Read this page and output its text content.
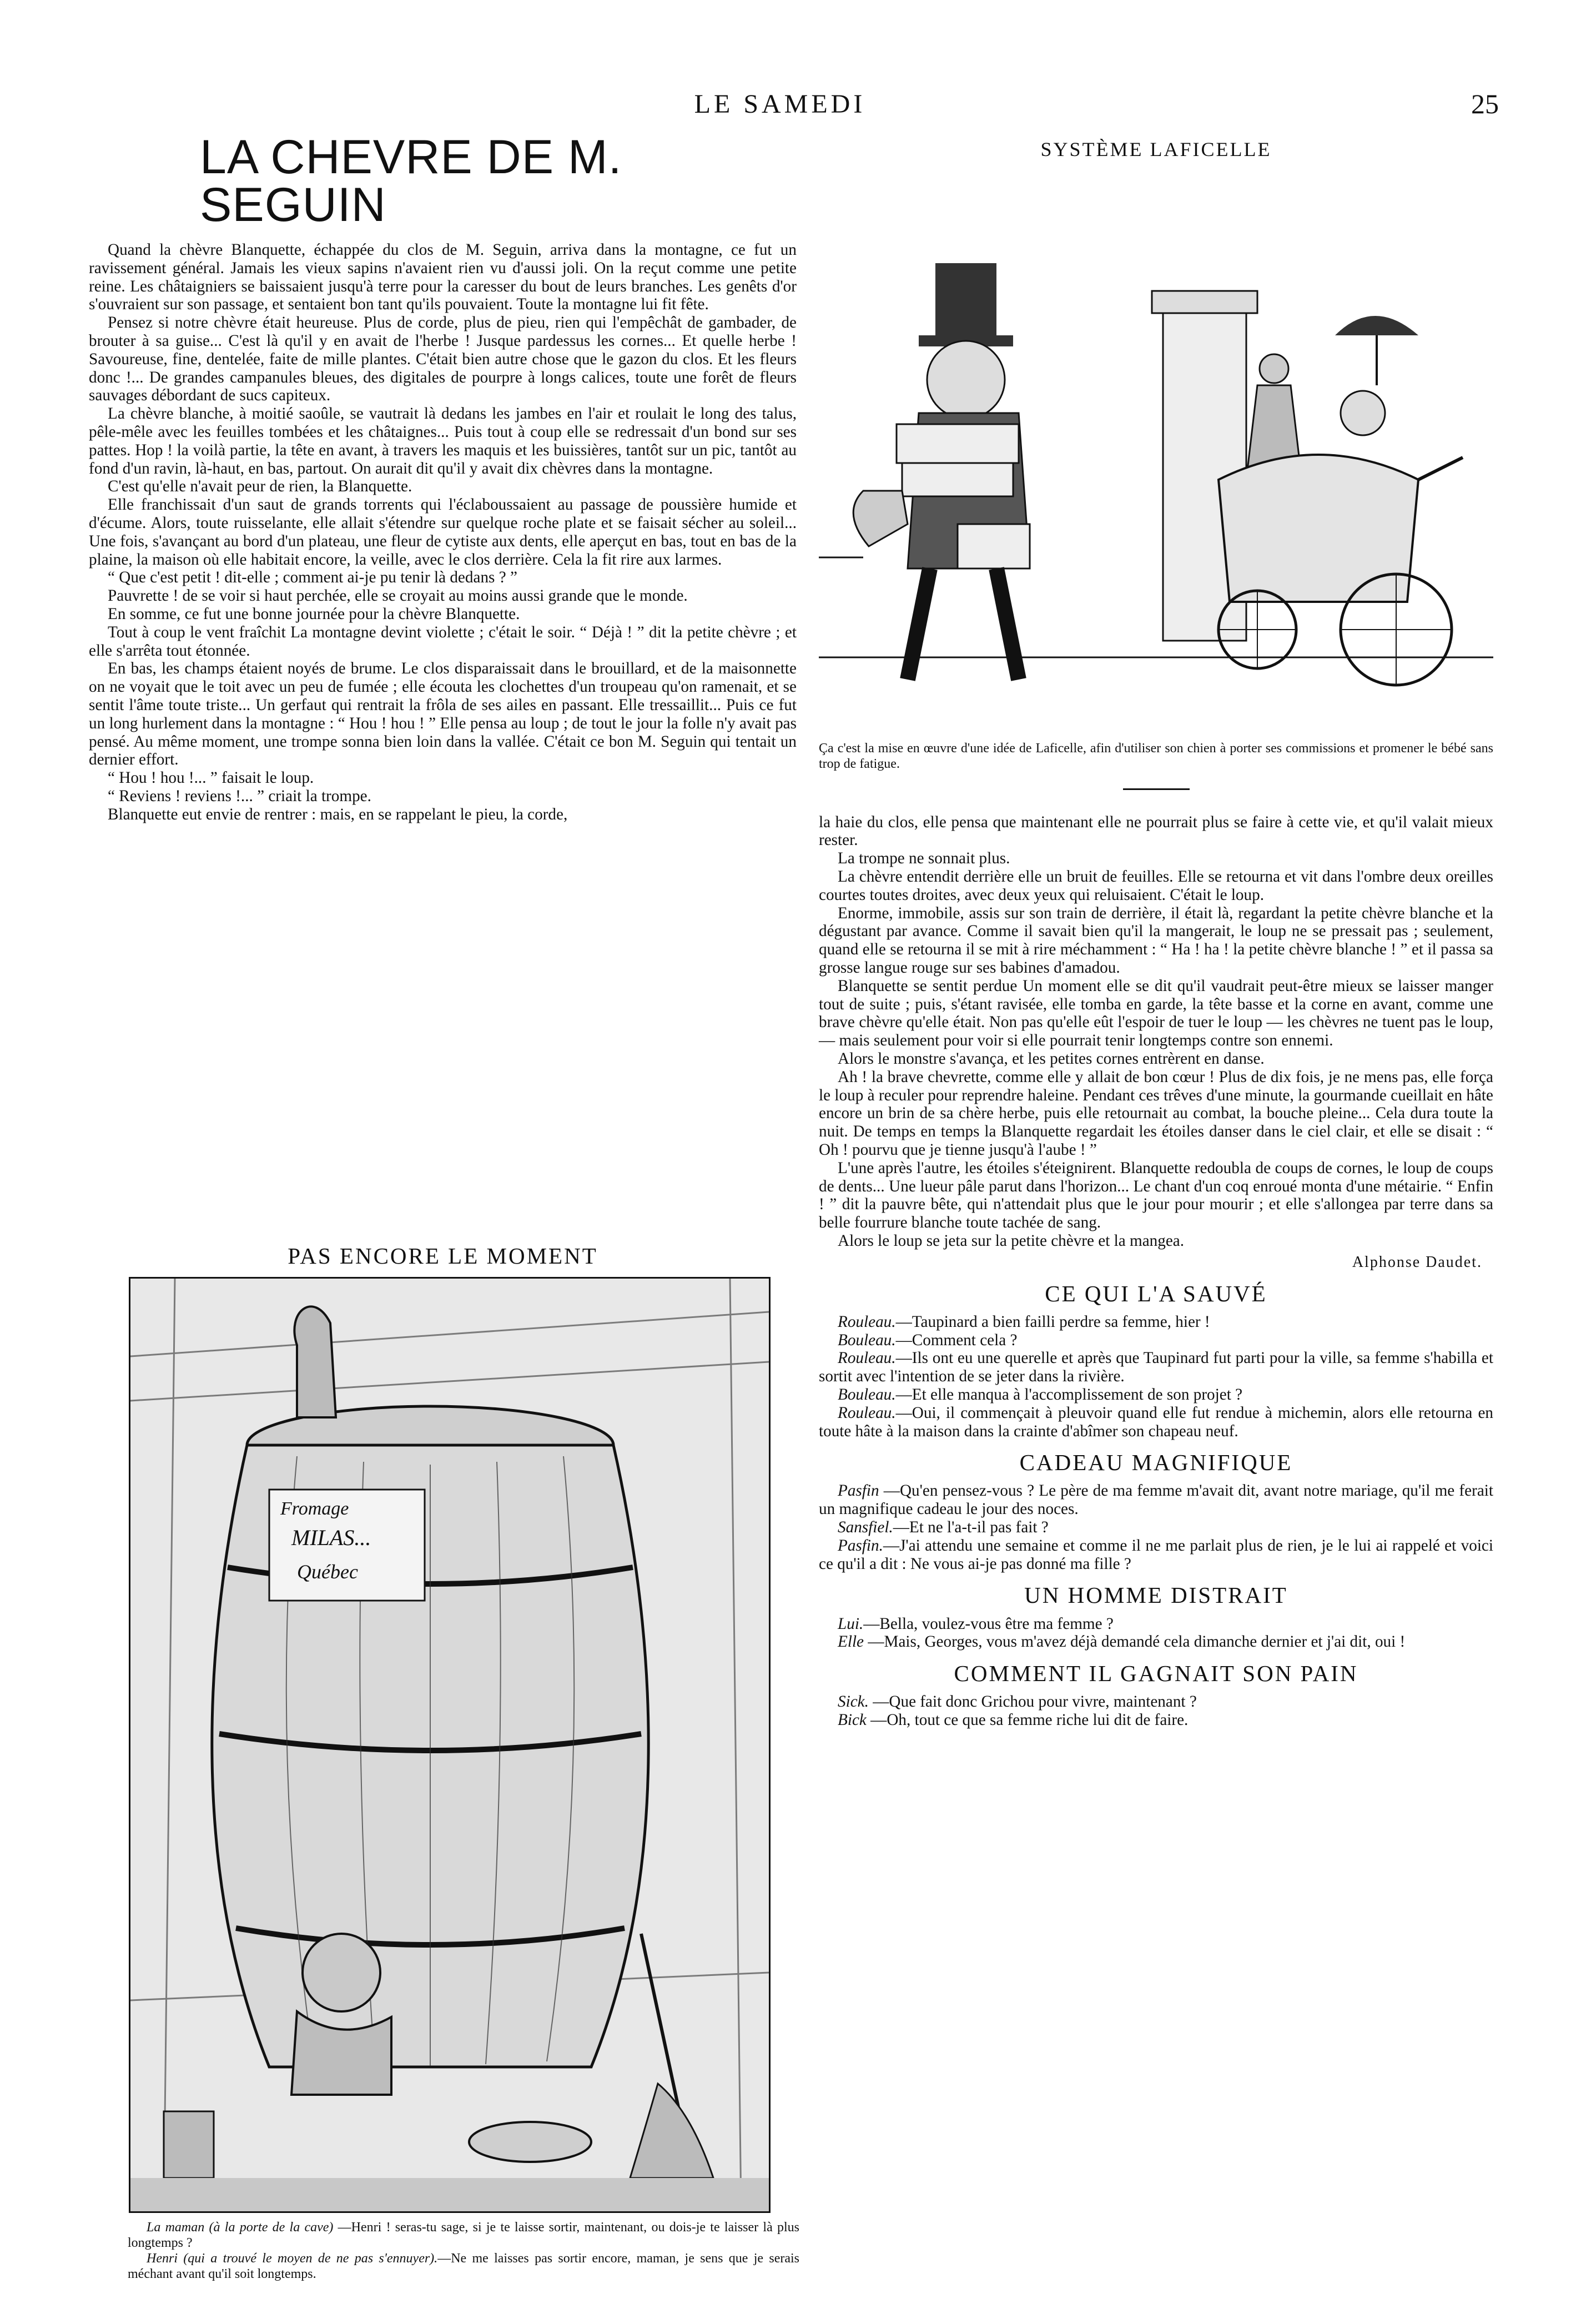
LE SAMEDI	25
LA CHEVRE DE M. SEGUIN

Quand la chèvre Blanquette, échappée du clos de M. Seguin, arriva dans la montagne, ce fut un ravissement général. Jamais les vieux sapins n'avaient rien vu d'aussi joli. On la reçut comme une petite reine. Les châtaigniers se baissaient jusqu'à terre pour la caresser du bout de leurs branches. Les genêts d'or s'ouvraient sur son passage, et sentaient bon tant qu'ils pouvaient. Toute la montagne lui fit fête.

Pensez si notre chèvre était heureuse. Plus de corde, plus de pieu, rien qui l'empêchât de gambader, de brouter à sa guise... C'est là qu'il y en avait de l'herbe ! Jusque pardessus les cornes... Et quelle herbe ! Savoureuse, fine, dentelée, faite de mille plantes. C'était bien autre chose que le gazon du clos. Et les fleurs donc !... De grandes campanules bleues, des digitales de pourpre à longs calices, toute une forêt de fleurs sauvages débordant de sucs capiteux.

La chèvre blanche, à moitié saoûle, se vautrait là dedans les jambes en l'air et roulait le long des talus, pêle-mêle avec les feuilles tombées et les châtaignes... Puis tout à coup elle se redressait d'un bond sur ses pattes. Hop ! la voilà partie, la tête en avant, à travers les maquis et les buissières, tantôt sur un pic, tantôt au fond d'un ravin, là-haut, en bas, partout. On aurait dit qu'il y avait dix chèvres dans la montagne.

C'est qu'elle n'avait peur de rien, la Blanquette.

Elle franchissait d'un saut de grands torrents qui l'éclaboussaient au passage de poussière humide et d'écume. Alors, toute ruisselante, elle allait s'étendre sur quelque roche plate et se faisait sécher au soleil... Une fois, s'avançant au bord d'un plateau, une fleur de cytiste aux dents, elle aperçut en bas, tout en bas de la plaine, la maison où elle habitait encore, la veille, avec le clos derrière. Cela la fit rire aux larmes.

“ Que c'est petit ! dit-elle ; comment ai-je pu tenir là dedans ? ”

Pauvrette ! de se voir si haut perchée, elle se croyait au moins aussi grande que le monde.

En somme, ce fut une bonne journée pour la chèvre Blanquette.

Tout à coup le vent fraîchit La montagne devint violette ; c'était le soir. “ Déjà ! ” dit la petite chèvre ; et elle s'arrêta tout étonnée.

En bas, les champs étaient noyés de brume. Le clos disparaissait dans le brouillard, et de la maisonnette on ne voyait que le toit avec un peu de fumée ; elle écouta les clochettes d'un troupeau qu'on ramenait, et se sentit l'âme toute triste... Un gerfaut qui rentrait la frôla de ses ailes en passant. Elle tressaillit... Puis ce fut un long hurlement dans la montagne : “ Hou ! hou ! ” Elle pensa au loup ; de tout le jour la folle n'y avait pas pensé. Au même moment, une trompe sonna bien loin dans la vallée. C'était ce bon M. Seguin qui tentait un dernier effort.

“ Hou ! hou !... ” faisait le loup.

“ Reviens ! reviens !... ” criait la trompe.

Blanquette eut envie de rentrer : mais, en se rappelant le pieu, la corde,

PAS ENCORE LE MOMENT
Fromage
MILAS...
Québec

La maman (à la porte de la cave) —Henri ! seras-tu sage, si je te laisse sortir, maintenant, ou dois-je te laisser là plus longtemps ?

Henri (qui a trouvé le moyen de ne pas s'ennuyer).—Ne me laisses pas sortir encore, maman, je sens que je serais méchant avant qu'il soit longtemps.

SYSTÈME LAFICELLE
Ça c'est la mise en œuvre d'une idée de Laficelle, afin d'utiliser son chien à porter ses commissions et promener le bébé sans trop de fatigue.

la haie du clos, elle pensa que maintenant elle ne pourrait plus se faire à cette vie, et qu'il valait mieux rester.

La trompe ne sonnait plus.

La chèvre entendit derrière elle un bruit de feuilles. Elle se retourna et vit dans l'ombre deux oreilles courtes toutes droites, avec deux yeux qui reluisaient. C'était le loup.

Enorme, immobile, assis sur son train de derrière, il était là, regardant la petite chèvre blanche et la dégustant par avance. Comme il savait bien qu'il la mangerait, le loup ne se pressait pas ; seulement, quand elle se retourna il se mit à rire méchamment : “ Ha ! ha ! la petite chèvre blanche ! ” et il passa sa grosse langue rouge sur ses babines d'amadou.

Blanquette se sentit perdue Un moment elle se dit qu'il vaudrait peut-être mieux se laisser manger tout de suite ; puis, s'étant ravisée, elle tomba en garde, la tête basse et la corne en avant, comme une brave chèvre qu'elle était. Non pas qu'elle eût l'espoir de tuer le loup — les chèvres ne tuent pas le loup, — mais seulement pour voir si elle pourrait tenir longtemps contre son ennemi.

Alors le monstre s'avança, et les petites cornes entrèrent en danse.

Ah ! la brave chevrette, comme elle y allait de bon cœur ! Plus de dix fois, je ne mens pas, elle força le loup à reculer pour reprendre haleine. Pendant ces trêves d'une minute, la gourmande cueillait en hâte encore un brin de sa chère herbe, puis elle retournait au combat, la bouche pleine... Cela dura toute la nuit. De temps en temps la Blanquette regardait les étoiles danser dans le ciel clair, et elle se disait : “ Oh ! pourvu que je tienne jusqu'à l'aube ! ”

L'une après l'autre, les étoiles s'éteignirent. Blanquette redoubla de coups de cornes, le loup de coups de dents... Une lueur pâle parut dans l'horizon... Le chant d'un coq enroué monta d'une métairie. “ Enfin ! ” dit la pauvre bête, qui n'attendait plus que le jour pour mourir ; et elle s'allongea par terre dans sa belle fourrure blanche toute tachée de sang.

Alors le loup se jeta sur la petite chèvre et la mangea.

Alphonse Daudet.
CE QUI L'A SAUVÉ

Rouleau.—Taupinard a bien failli perdre sa femme, hier !

Bouleau.—Comment cela ?

Rouleau.—Ils ont eu une querelle et après que Taupinard fut parti pour la ville, sa femme s'habilla et sortit avec l'intention de se jeter dans la rivière.

Bouleau.—Et elle manqua à l'accomplissement de son projet ?

Rouleau.—Oui, il commençait à pleuvoir quand elle fut rendue à michemin, alors elle retourna en toute hâte à la maison dans la crainte d'abîmer son chapeau neuf.

CADEAU MAGNIFIQUE

Pasfin —Qu'en pensez-vous ? Le père de ma femme m'avait dit, avant notre mariage, qu'il me ferait un magnifique cadeau le jour des noces.

Sansfiel.—Et ne l'a-t-il pas fait ?

Pasfin.—J'ai attendu une semaine et comme il ne me parlait plus de rien, je le lui ai rappelé et voici ce qu'il a dit : Ne vous ai-je pas donné ma fille ?

UN HOMME DISTRAIT

Lui.—Bella, voulez-vous être ma femme ?

Elle —Mais, Georges, vous m'avez déjà demandé cela dimanche dernier et j'ai dit, oui !

COMMENT IL GAGNAIT SON PAIN

Sick. —Que fait donc Grichou pour vivre, maintenant ?

Bick —Oh, tout ce que sa femme riche lui dit de faire.
